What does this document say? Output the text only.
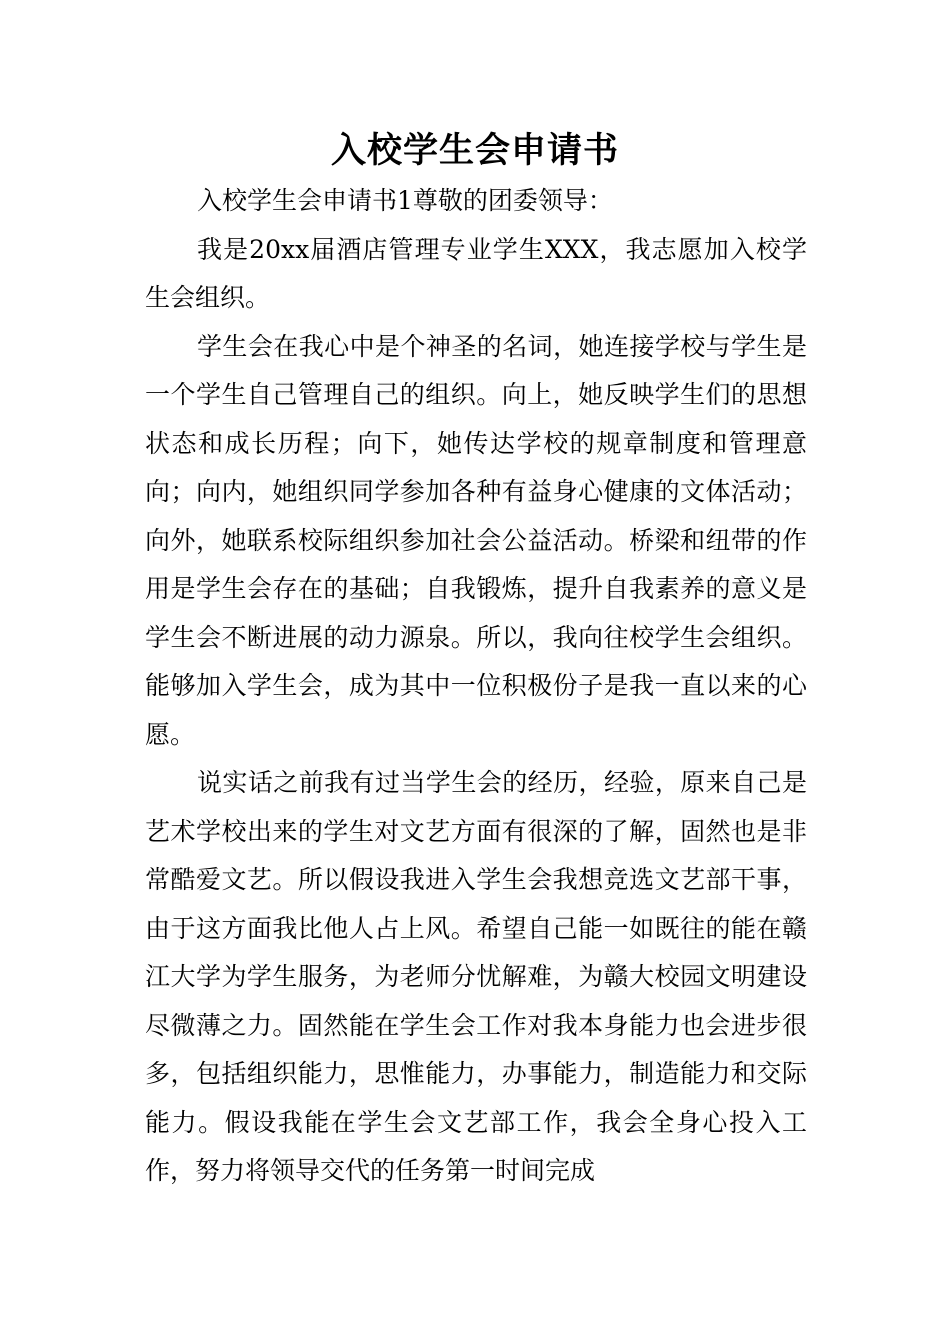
入校学生会申请书

入校学生会申请书1尊敬的团委领导：

我是20xx届酒店管理专业学生XXX，我志愿加入校学生会组织。

学生会在我心中是个神圣的名词，她连接学校与学生是一个学生自己管理自己的组织。向上，她反映学生们的思想状态和成长历程；向下，她传达学校的规章制度和管理意向；向内，她组织同学参加各种有益身心健康的文体活动；向外，她联系校际组织参加社会公益活动。桥梁和纽带的作用是学生会存在的基础；自我锻炼，提升自我素养的意义是学生会不断进展的动力源泉。所以，我向往校学生会组织。能够加入学生会，成为其中一位积极份子是我一直以来的心愿。

说实话之前我有过当学生会的经历，经验，原来自己是艺术学校出来的学生对文艺方面有很深的了解，固然也是非常酷爱文艺。所以假设我进入学生会我想竞选文艺部干事，由于这方面我比他人占上风。希望自己能一如既往的能在赣江大学为学生服务，为老师分忧解难，为赣大校园文明建设尽微薄之力。固然能在学生会工作对我本身能力也会进步很多，包括组织能力，思惟能力，办事能力，制造能力和交际能力。假设我能在学生会文艺部工作，我会全身心投入工作，努力将领导交代的任务第一时间完成
